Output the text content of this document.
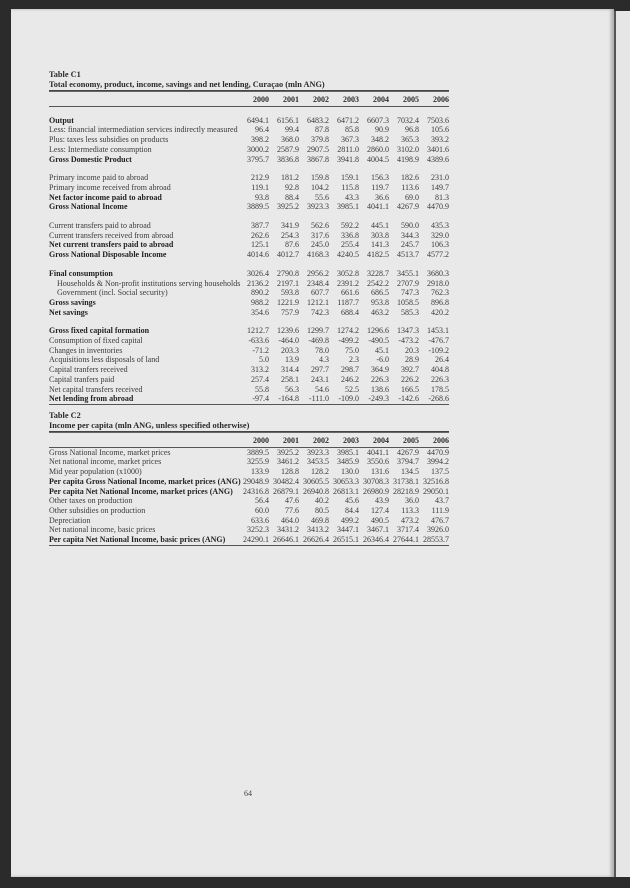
Table C1
Total economy, product, income, savings and net lending, Curaçao (mln ANG)
	2000	2001	2002	2003	2004	2005	2006

Output	6494.1	6156.1	6483.2	6471.2	6607.3	7032.4	7503.6
Less: financial intermediation services indirectly measured	96.4	99.4	87.8	85.8	90.9	96.8	105.6
Plus: taxes less subsidies on products	398.2	368.0	379.8	367.3	348.2	365.3	393.2
Less: Intermediate consumption	3000.2	2587.9	2907.5	2811.0	2860.0	3102.0	3401.6
Gross Domestic Product	3795.7	3836.8	3867.8	3941.8	4004.5	4198.9	4389.6

Primary income paid to abroad	212.9	181.2	159.8	159.1	156.3	182.6	231.0
Primary income received from abroad	119.1	92.8	104.2	115.8	119.7	113.6	149.7
Net factor income paid to abroad	93.8	88.4	55.6	43.3	36.6	69.0	81.3
Gross National Income	3889.5	3925.2	3923.3	3985.1	4041.1	4267.9	4470.9

Current transfers paid to abroad	387.7	341.9	562.6	592.2	445.1	590.0	435.3
Current transfers received from abroad	262.6	254.3	317.6	336.8	303.8	344.3	329.0
Net current transfers paid to abroad	125.1	87.6	245.0	255.4	141.3	245.7	106.3
Gross National Disposable Income	4014.6	4012.7	4168.3	4240.5	4182.5	4513.7	4577.2

Final consumption	3026.4	2790.8	2956.2	3052.8	3228.7	3455.1	3680.3
Households & Non-profit institutions serving households	2136.2	2197.1	2348.4	2391.2	2542.2	2707.9	2918.0
Government (incl. Social security)	890.2	593.8	607.7	661.6	686.5	747.3	762.3
Gross savings	988.2	1221.9	1212.1	1187.7	953.8	1058.5	896.8
Net savings	354.6	757.9	742.3	688.4	463.2	585.3	420.2

Gross fixed capital formation	1212.7	1239.6	1299.7	1274.2	1296.6	1347.3	1453.1
Consumption of fixed capital	-633.6	-464.0	-469.8	-499.2	-490.5	-473.2	-476.7
Changes in inventories	-71.2	203.3	78.0	75.0	45.1	20.3	-109.2
Acquisitions less disposals of land	5.0	13.9	4.3	2.3	-6.0	28.9	26.4
Capital tranfers received	313.2	314.4	297.7	298.7	364.9	392.7	404.8
Capital tranfers paid	257.4	258.1	243.1	246.2	226.3	226.2	226.3
Net capital transfers received	55.8	56.3	54.6	52.5	138.6	166.5	178.5
Net lending from abroad	-97.4	-164.8	-111.0	-109.0	-249.3	-142.6	-268.6
Table C2
Income per capita (mln ANG, unless specified otherwise)
	2000	2001	2002	2003	2004	2005	2006
Gross National Income, market prices	3889.5	3925.2	3923.3	3985.1	4041.1	4267.9	4470.9
Net national income, market prices	3255.9	3461.2	3453.5	3485.9	3550.6	3794.7	3994.2
Mid year population (x1000)	133.9	128.8	128.2	130.0	131.6	134.5	137.5
Per capita Gross National Income, market prices (ANG)	29048.9	30482.4	30605.5	30653.3	30708.3	31738.1	32516.8
Per capita Net National Income, market prices (ANG)	24316.8	26879.1	26940.8	26813.1	26980.9	28218.9	29050.1
Other taxes on production	56.4	47.6	40.2	45.6	43.9	36.0	43.7
Other subsidies on production	60.0	77.6	80.5	84.4	127.4	113.3	111.9
Depreciation	633.6	464.0	469.8	499.2	490.5	473.2	476.7
Net national income, basic prices	3252.3	3431.2	3413.2	3447.1	3467.1	3717.4	3926.0
Per capita Net National Income, basic prices (ANG)	24290.1	26646.1	26626.4	26515.1	26346.4	27644.1	28553.7
64
